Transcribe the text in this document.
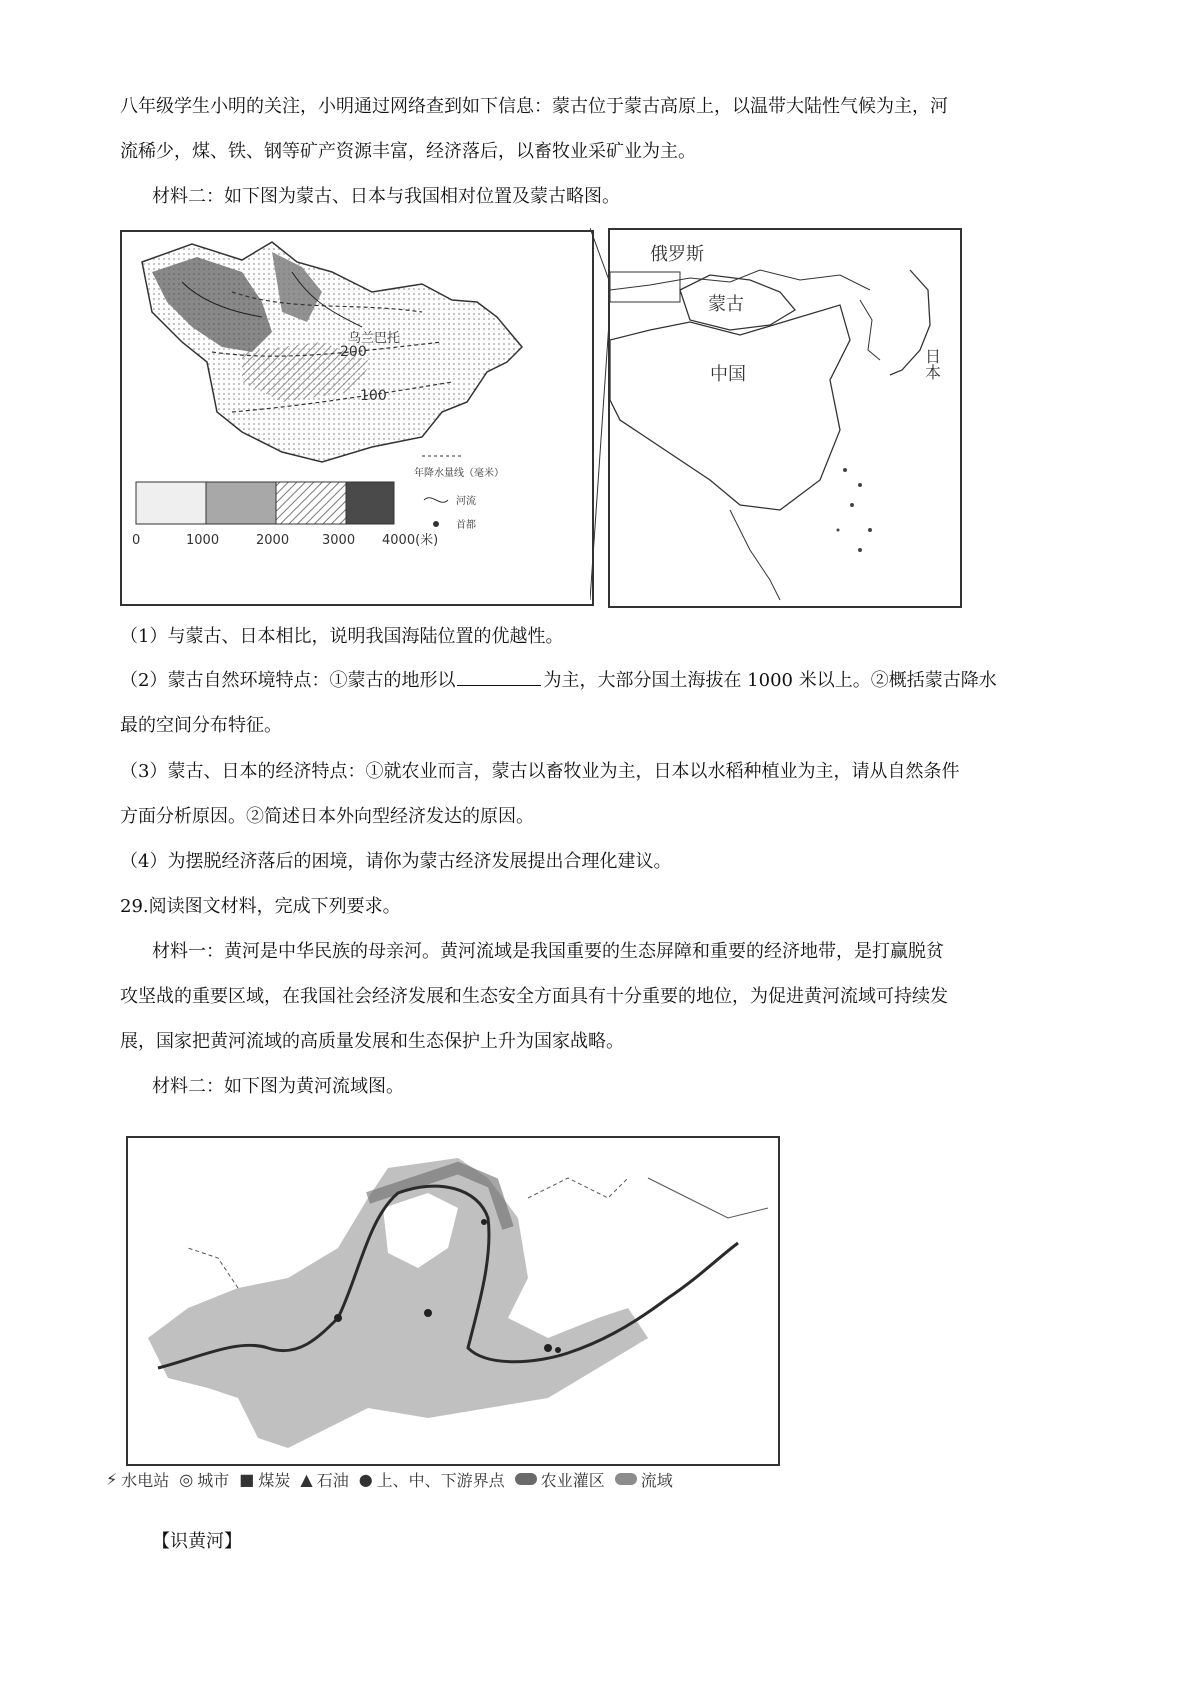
八年级学生小明的关注，小明通过网络查到如下信息：蒙古位于蒙古高原上，以温带大陆性气候为主，河
流稀少，煤、铁、钢等矿产资源丰富，经济落后，以畜牧业采矿业为主。
材料二：如下图为蒙古、日本与我国相对位置及蒙古略图。
200
100
乌兰巴托
年降水量线（毫米）
河流
首都
0	1000	2000	3000 4000(米)
俄罗斯
蒙古
中国	日本
（1）与蒙古、日本相比，说明我国海陆位置的优越性。
（2）蒙古自然环境特点：①蒙古的地形以	为主，大部分国土海拔在 1000 米以上。②概括蒙古降水
最的空间分布特征。
（3）蒙古、日本的经济特点：①就农业而言，蒙古以畜牧业为主，日本以水稻种植业为主，请从自然条件
方面分析原因。②简述日本外向型经济发达的原因。
（4）为摆脱经济落后的困境，请你为蒙古经济发展提出合理化建议。
29.阅读图文材料，完成下列要求。
材料一：黄河是中华民族的母亲河。黄河流域是我国重要的生态屏障和重要的经济地带，是打赢脱贫
攻坚战的重要区域，在我国社会经济发展和生态安全方面具有十分重要的地位，为促进黄河流域可持续发
展，国家把黄河流域的高质量发展和生态保护上升为国家战略。
材料二：如下图为黄河流域图。
⚡ 水电站 ◎ 城市 ■ 煤炭 ▲ 石油 ● 上、中、下游界点 农业灌区 流域
【识黄河】
